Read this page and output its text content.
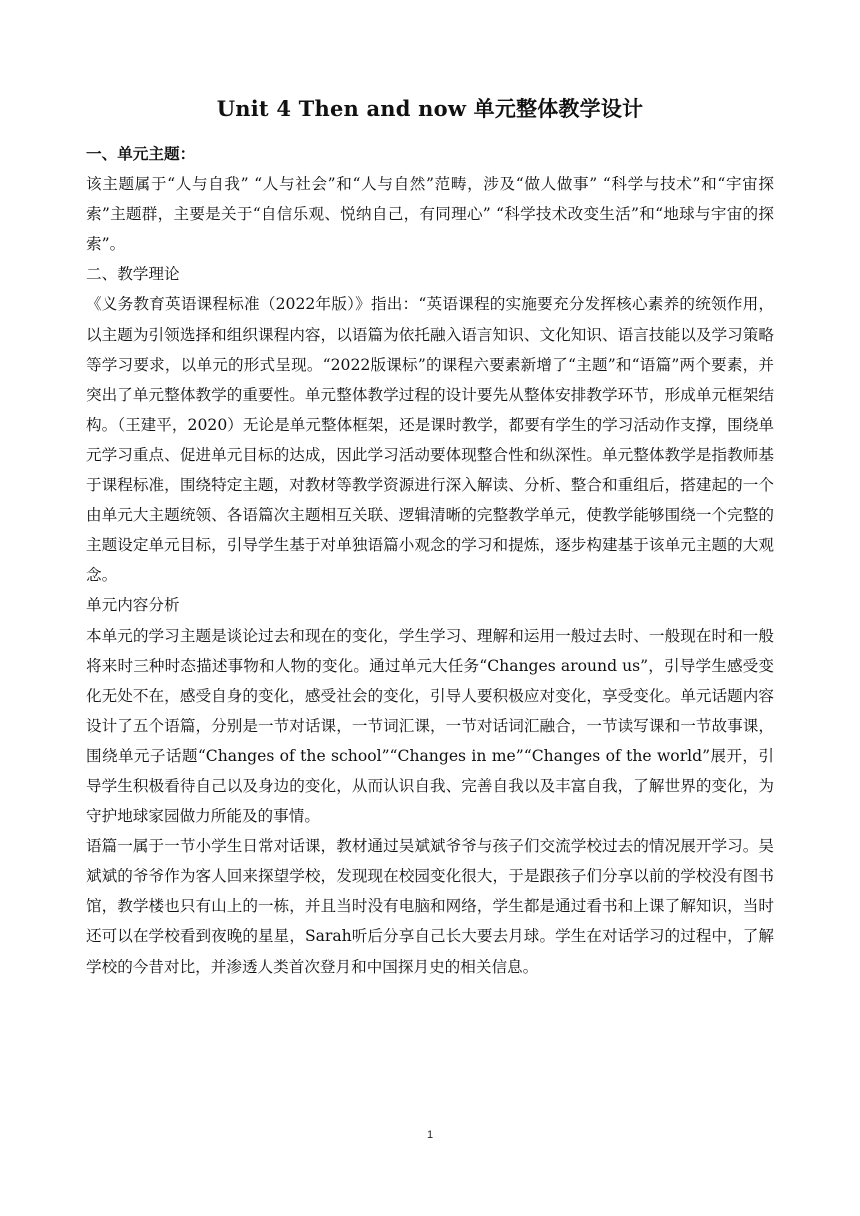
Unit 4 Then and now 单元整体教学设计

一、单元主题：

该主题属于“人与自我” “人与社会”和“人与自然”范畴，涉及“做人做事” “科学与技术”和“宇宙探索”主题群，主要是关于“自信乐观、悦纳自己，有同理心” “科学技术改变生活”和“地球与宇宙的探索”。

二、教学理论

《义务教育英语课程标准（2022年版）》指出：“英语课程的实施要充分发挥核心素养的统领作用，以主题为引领选择和组织课程内容，以语篇为依托融入语言知识、文化知识、语言技能以及学习策略等学习要求，以单元的形式呈现。“2022版课标”的课程六要素新增了“主题”和“语篇”两个要素，并突出了单元整体教学的重要性。单元整体教学过程的设计要先从整体安排教学环节，形成单元框架结构。（王建平，2020）无论是单元整体框架，还是课时教学，都要有学生的学习活动作支撑，围绕单元学习重点、促进单元目标的达成，因此学习活动要体现整合性和纵深性。单元整体教学是指教师基于课程标准，围绕特定主题，对教材等教学资源进行深入解读、分析、整合和重组后，搭建起的一个由单元大主题统领、各语篇次主题相互关联、逻辑清晰的完整教学单元，使教学能够围绕一个完整的主题设定单元目标，引导学生基于对单独语篇小观念的学习和提炼，逐步构建基于该单元主题的大观念。

单元内容分析

本单元的学习主题是谈论过去和现在的变化，学生学习、理解和运用一般过去时、一般现在时和一般将来时三种时态描述事物和人物的变化。通过单元大任务“Changes around us”，引导学生感受变化无处不在，感受自身的变化，感受社会的变化，引导人要积极应对变化，享受变化。单元话题内容设计了五个语篇，分别是一节对话课，一节词汇课，一节对话词汇融合，一节读写课和一节故事课，围绕单元子话题“Changes of the school”“Changes in me”“Changes of the world”展开，引导学生积极看待自己以及身边的变化，从而认识自我、完善自我以及丰富自我，了解世界的变化，为守护地球家园做力所能及的事情。

语篇一属于一节小学生日常对话课，教材通过吴斌斌爷爷与孩子们交流学校过去的情况展开学习。吴斌斌的爷爷作为客人回来探望学校，发现现在校园变化很大，于是跟孩子们分享以前的学校没有图书馆，教学楼也只有山上的一栋，并且当时没有电脑和网络，学生都是通过看书和上课了解知识，当时还可以在学校看到夜晚的星星，Sarah听后分享自己长大要去月球。学生在对话学习的过程中，了解学校的今昔对比，并渗透人类首次登月和中国探月史的相关信息。

1
